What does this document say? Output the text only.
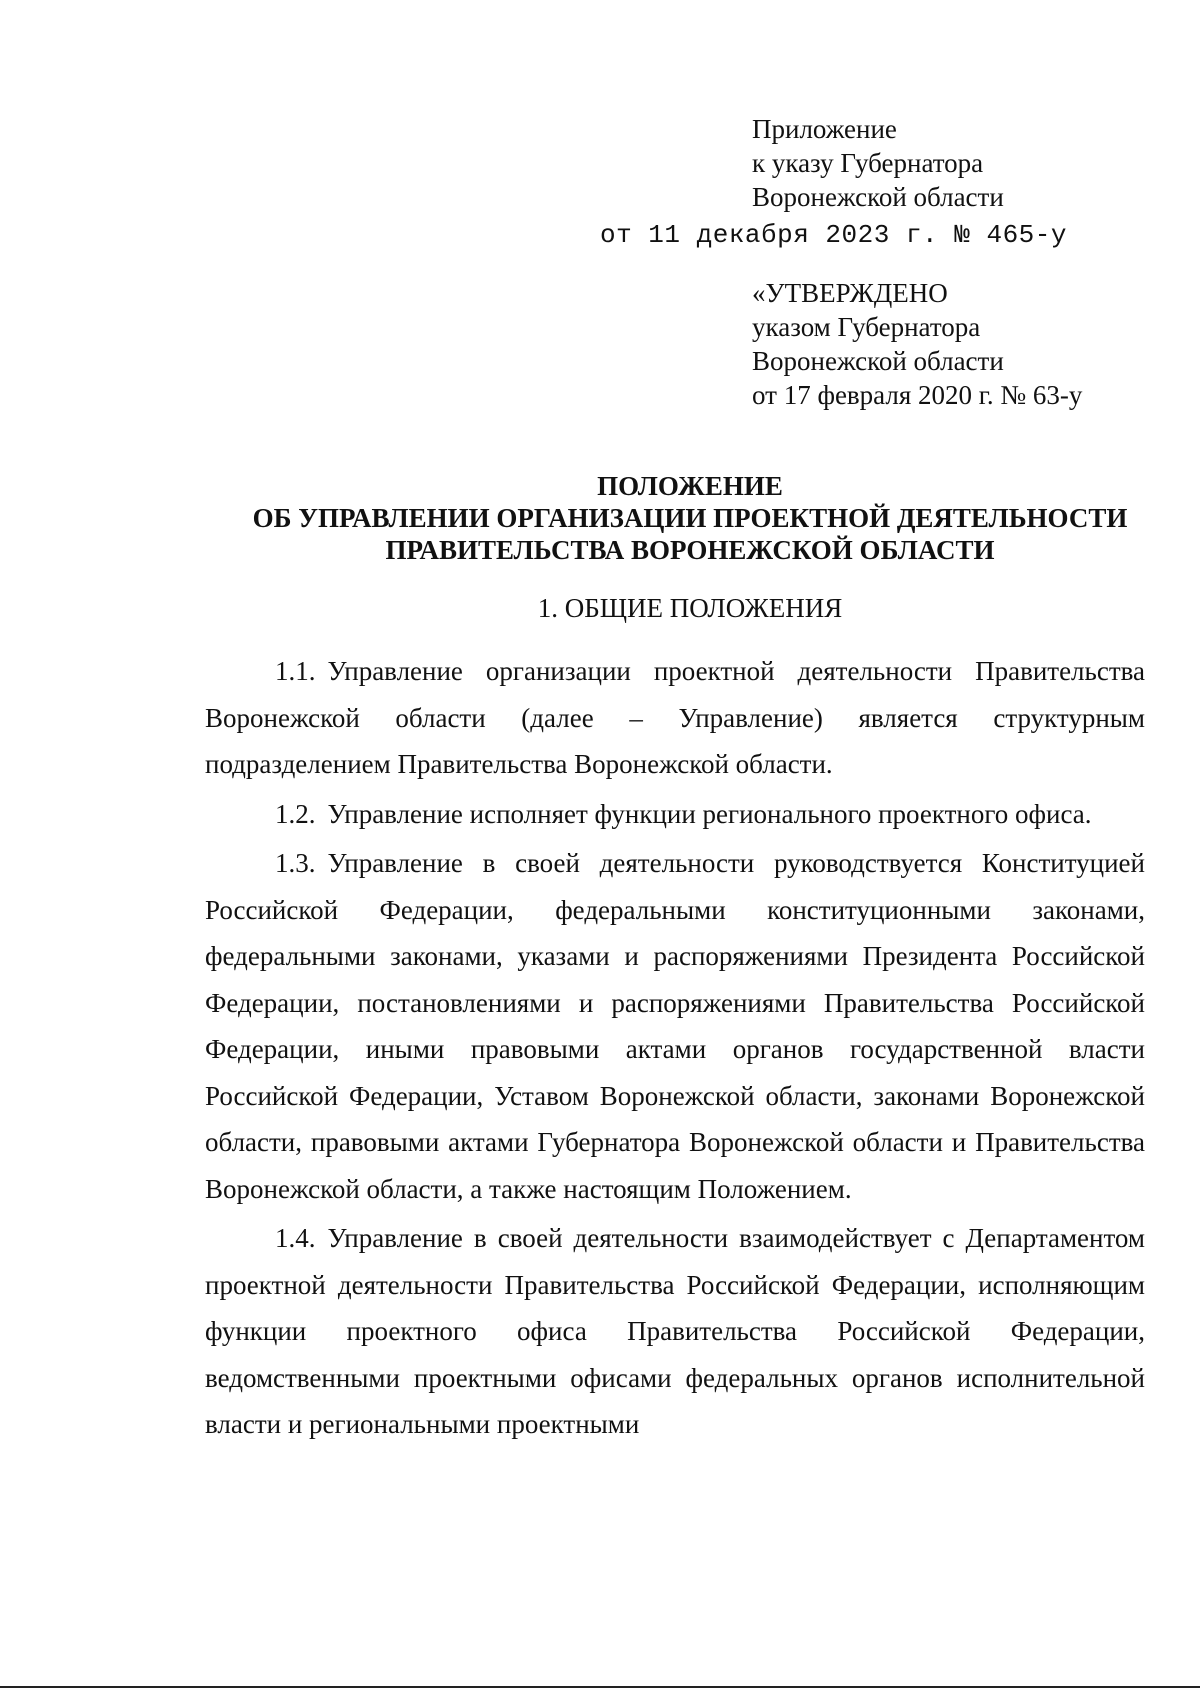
Приложение
к указу Губернатора
Воронежской области
от 11 декабря 2023 г. № 465-у
«УТВЕРЖДЕНО
указом Губернатора
Воронежской области
от 17 февраля 2020 г. № 63-у
ПОЛОЖЕНИЕ
ОБ УПРАВЛЕНИИ ОРГАНИЗАЦИИ ПРОЕКТНОЙ ДЕЯТЕЛЬНОСТИ
ПРАВИТЕЛЬСТВА ВОРОНЕЖСКОЙ ОБЛАСТИ
1. ОБЩИЕ ПОЛОЖЕНИЯ

1.1. Управление организации проектной деятельности Правительства Воронежской области (далее – Управление) является структурным подразделением Правительства Воронежской области.

1.2. Управление исполняет функции регионального проектного офиса.

1.3. Управление в своей деятельности руководствуется Конституцией Российской Федерации, федеральными конституционными законами, федеральными законами, указами и распоряжениями Президента Российской Федерации, постановлениями и распоряжениями Правительства Российской Федерации, иными правовыми актами органов государственной власти Российской Федерации, Уставом Воронежской области, законами Воронежской области, правовыми актами Губернатора Воронежской области и Правительства Воронежской области, а также настоящим Положением.

1.4. Управление в своей деятельности взаимодействует с Департаментом проектной деятельности Правительства Российской Федерации, исполняющим функции проектного офиса Правительства Российской Федерации, ведомственными проектными офисами федеральных органов исполнительной власти и региональными проектными
